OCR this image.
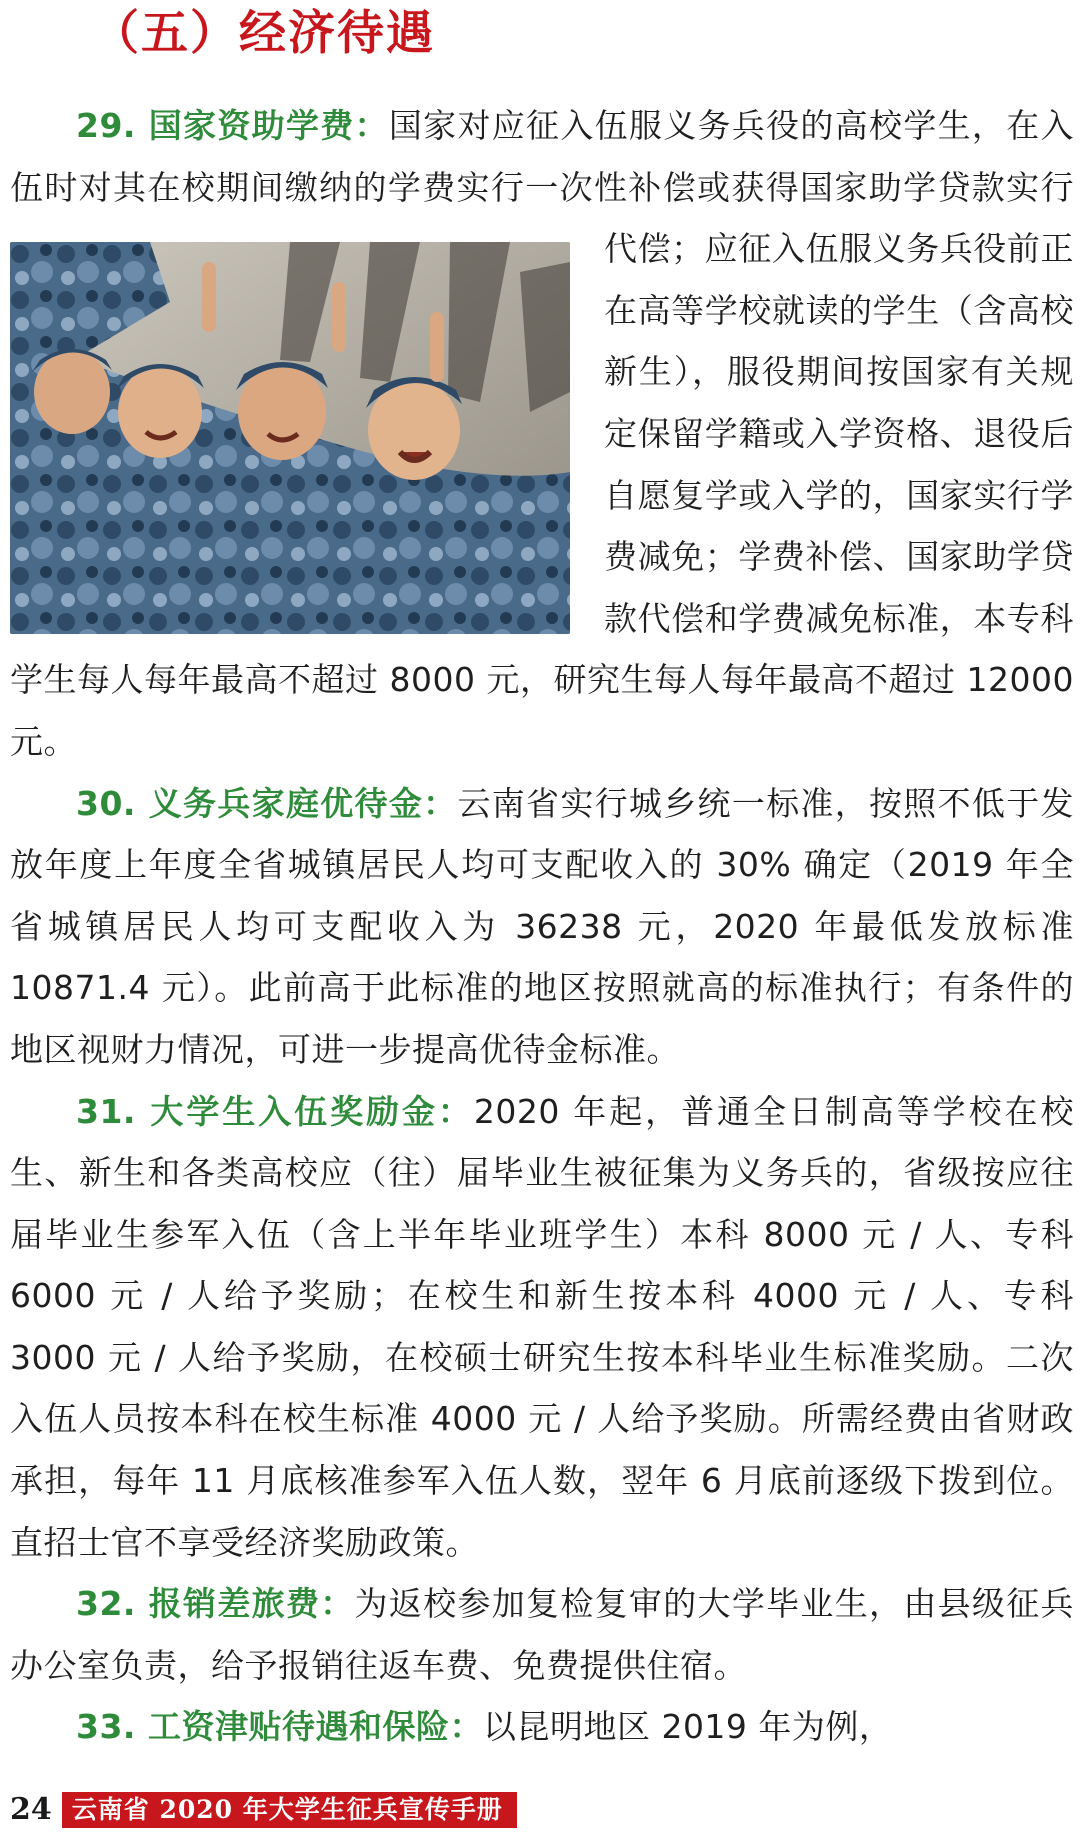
（五）经济待遇

29. 国家资助学费：国家对应征入伍服义务兵役的高校学生，在入伍时对其在校期间缴纳的学费实行一次性补偿或获得国家助学
贷款实行代偿；应征入伍服义务兵役前正在高等学校就读的学生（含高校新生），服役期间按国家有关规定保留学籍或入学资格、退役后自愿复学或入学的，国家实行学费减免；学费补偿、国家助学贷款代偿和学费减免标准，本专科学生每人每年最高不超过 8000 元，研究生每人每年最高不超过 12000 元。

30. 义务兵家庭优待金：云南省实行城乡统一标准，按照不低于发放年度上年度全省城镇居民人均可支配收入的 30% 确定（2019 年全省城镇居民人均可支配收入为 36238 元，2020 年最低发放标准 10871.4 元）。此前高于此标准的地区按照就高的标准执行；有条件的地区视财力情况，可进一步提高优待金标准。

31. 大学生入伍奖励金：2020 年起，普通全日制高等学校在校生、新生和各类高校应（往）届毕业生被征集为义务兵的，省级按应往届毕业生参军入伍（含上半年毕业班学生）本科 8000 元 / 人、专科 6000 元 / 人给予奖励；在校生和新生按本科 4000 元 / 人、专科 3000 元 / 人给予奖励，在校硕士研究生按本科毕业生标准奖励。二次入伍人员按本科在校生标准 4000 元 / 人给予奖励。所需经费由省财政承担，每年 11 月底核准参军入伍人数，翌年 6 月底前逐级下拨到位。直招士官不享受经济奖励政策。

32. 报销差旅费：为返校参加复检复审的大学毕业生，由县级征兵办公室负责，给予报销往返车费、免费提供住宿。

33. 工资津贴待遇和保险：以昆明地区 2019 年为例，

24 云南省 2020 年大学生征兵宣传手册
